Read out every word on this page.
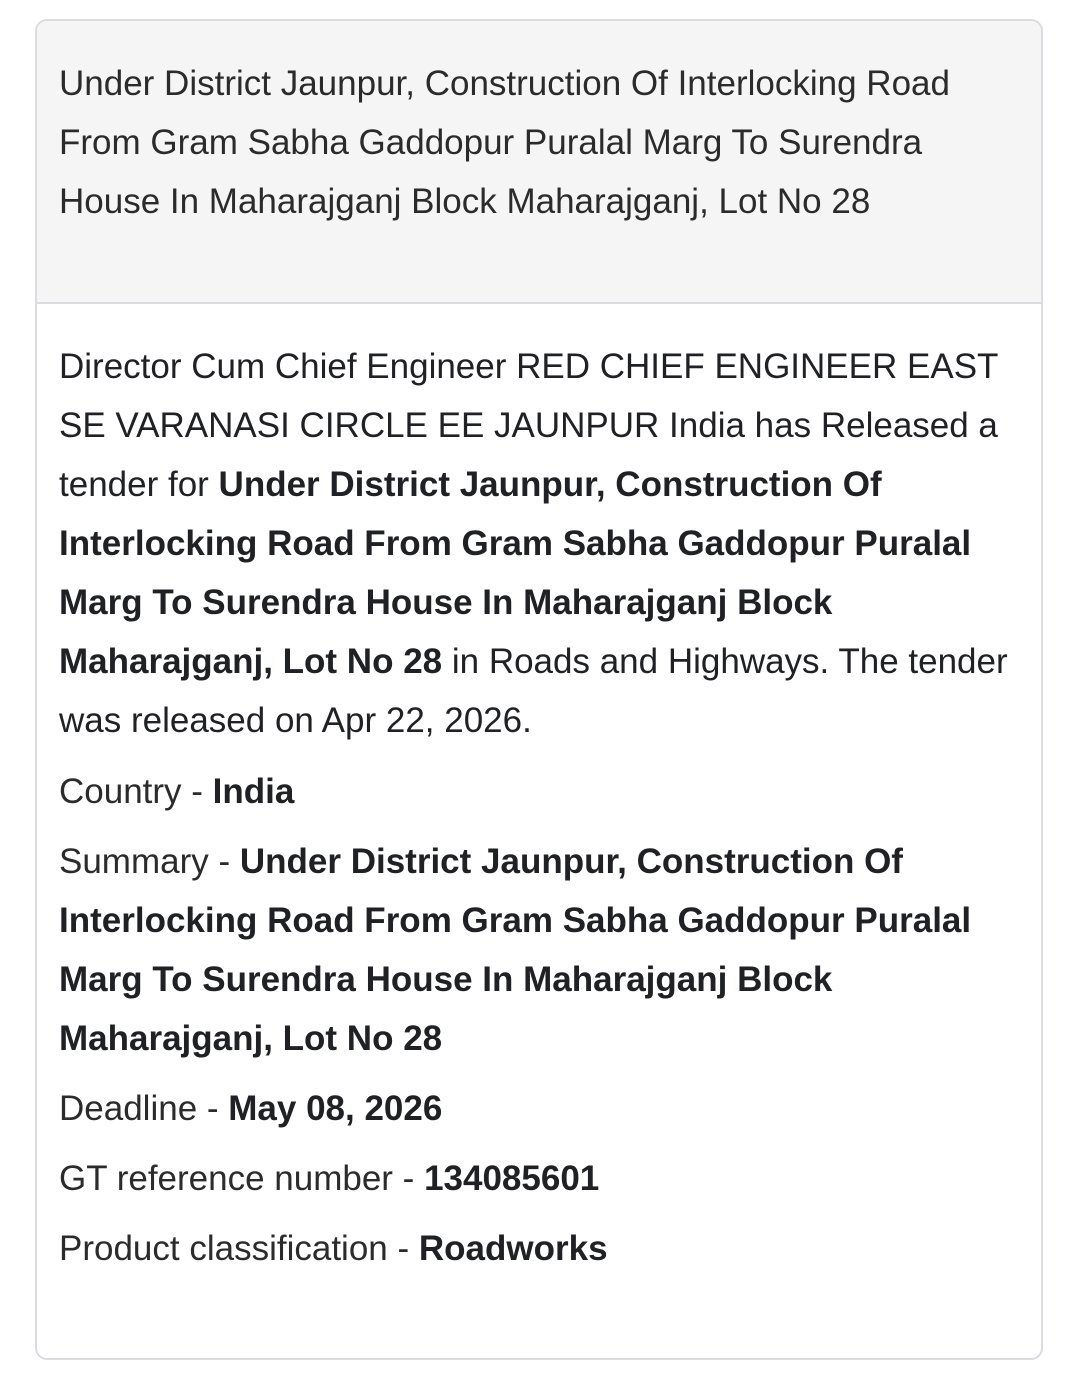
Under District Jaunpur, Construction Of Interlocking Road From Gram Sabha Gaddopur Puralal Marg To Surendra House In Maharajganj Block Maharajganj, Lot No 28
Director Cum Chief Engineer RED CHIEF ENGINEER EAST SE VARANASI CIRCLE EE JAUNPUR India has Released a tender for Under District Jaunpur, Construction Of Interlocking Road From Gram Sabha Gaddopur Puralal Marg To Surendra House In Maharajganj Block Maharajganj, Lot No 28 in Roads and Highways. The tender was released on Apr 22, 2026.
Country - India
Summary - Under District Jaunpur, Construction Of Interlocking Road From Gram Sabha Gaddopur Puralal Marg To Surendra House In Maharajganj Block Maharajganj, Lot No 28
Deadline - May 08, 2026
GT reference number - 134085601
Product classification - Roadworks
